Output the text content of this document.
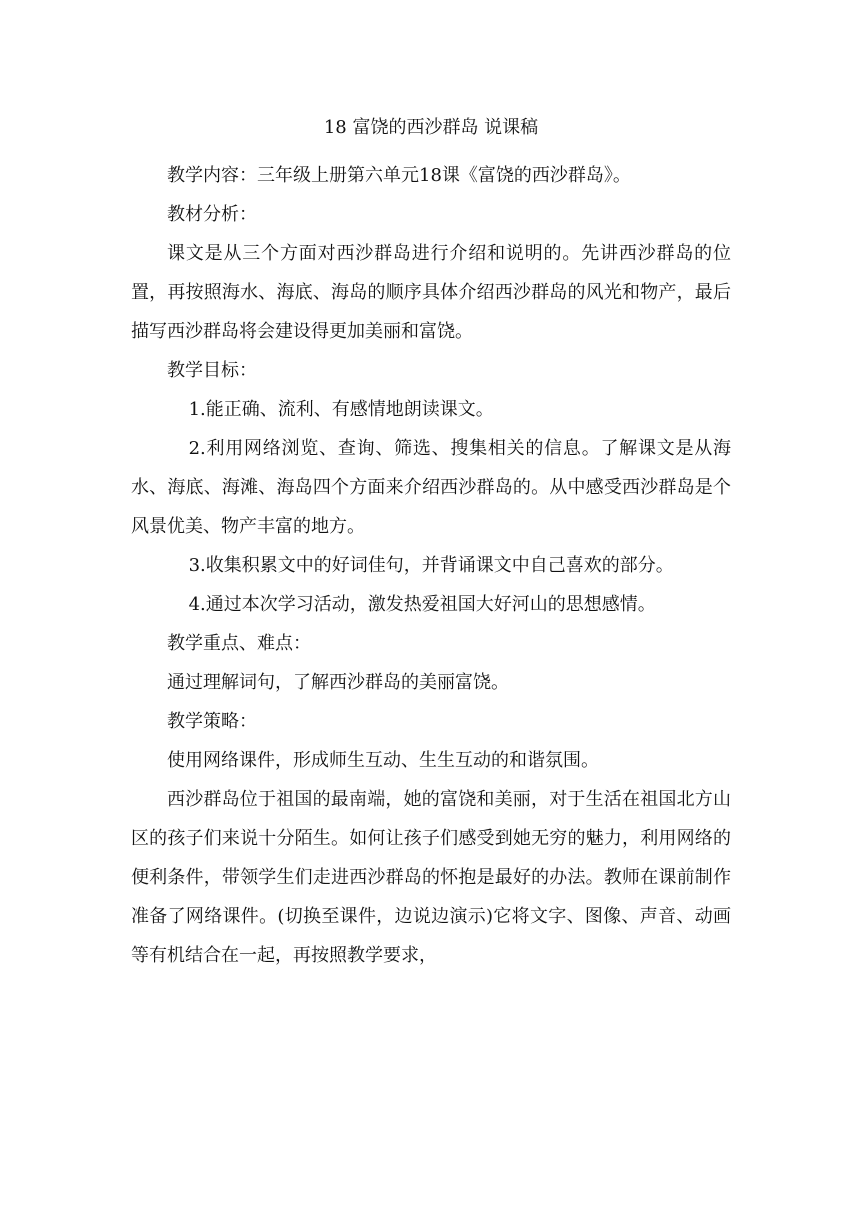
18 富饶的西沙群岛 说课稿

教学内容：三年级上册第六单元18课《富饶的西沙群岛》。

教材分析：

课文是从三个方面对西沙群岛进行介绍和说明的。先讲西沙群岛的位置，再按照海水、海底、海岛的顺序具体介绍西沙群岛的风光和物产，最后描写西沙群岛将会建设得更加美丽和富饶。

教学目标：

1.能正确、流利、有感情地朗读课文。

2.利用网络浏览、查询、筛选、搜集相关的信息。了解课文是从海水、海底、海滩、海岛四个方面来介绍西沙群岛的。从中感受西沙群岛是个风景优美、物产丰富的地方。

3.收集积累文中的好词佳句，并背诵课文中自己喜欢的部分。

4.通过本次学习活动，激发热爱祖国大好河山的思想感情。

教学重点、难点：

通过理解词句，了解西沙群岛的美丽富饶。

教学策略：

使用网络课件，形成师生互动、生生互动的和谐氛围。

西沙群岛位于祖国的最南端，她的富饶和美丽，对于生活在祖国北方山区的孩子们来说十分陌生。如何让孩子们感受到她无穷的魅力，利用网络的便利条件，带领学生们走进西沙群岛的怀抱是最好的办法。教师在课前制作准备了网络课件。(切换至课件，边说边演示)它将文字、图像、声音、动画等有机结合在一起，再按照教学要求，
